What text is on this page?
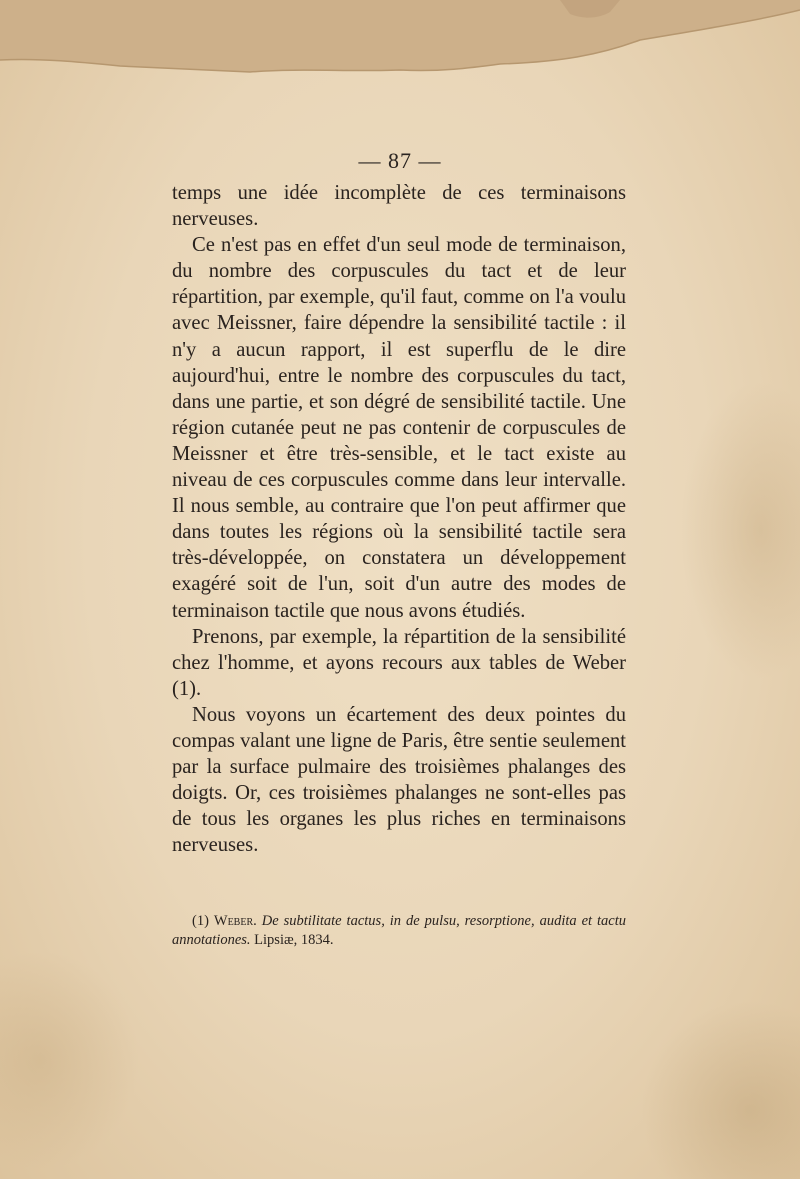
— 87 —

temps une idée incomplète de ces terminaisons nerveuses.

Ce n'est pas en effet d'un seul mode de terminaison, du nombre des corpuscules du tact et de leur répartition, par exemple, qu'il faut, comme on l'a voulu avec Meissner, faire dépendre la sensibilité tactile : il n'y a aucun rapport, il est superflu de le dire aujourd'hui, entre le nombre des corpuscules du tact, dans une partie, et son dégré de sensibilité tactile. Une région cutanée peut ne pas contenir de corpuscules de Meissner et être très-sensible, et le tact existe au niveau de ces corpuscules comme dans leur intervalle. Il nous semble, au contraire que l'on peut affirmer que dans toutes les régions où la sensibilité tactile sera très-développée, on constatera un développement exagéré soit de l'un, soit d'un autre des modes de terminaison tactile que nous avons étudiés.

Prenons, par exemple, la répartition de la sensibilité chez l'homme, et ayons recours aux tables de Weber (1).

Nous voyons un écartement des deux pointes du compas valant une ligne de Paris, être sentie seulement par la surface pulmaire des troisièmes phalanges des doigts. Or, ces troisièmes phalanges ne sont-elles pas de tous les organes les plus riches en terminaisons nerveuses.

(1) Weber. De subtilitate tactus, in de pulsu, resorptione, audita et tactu annotationes. Lipsiæ, 1834.
